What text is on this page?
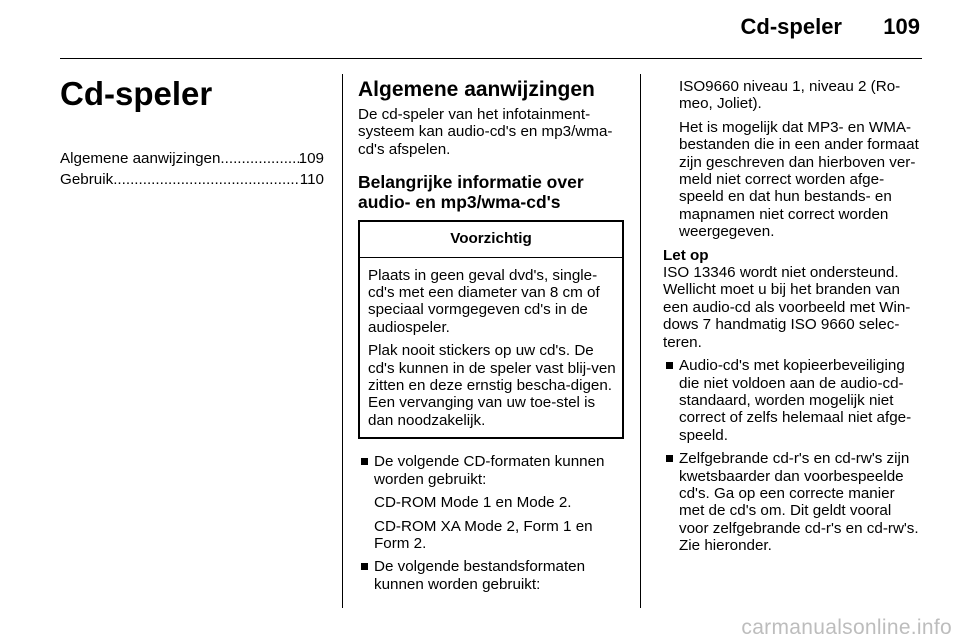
Cd-speler 109
Cd-speler
Algemene aanwijzingen .....	109
Gebruik .....	110
Algemene aanwijzingen

De cd-speler van het infotainment-systeem kan audio-cd's en mp3/wma-cd's afspelen.

Belangrijke informatie over audio- en mp3/wma-cd's
Voorzichtig

Plaats in geen geval dvd's, single-cd's met een diameter van 8 cm of speciaal vormgegeven cd's in de audiospeler.

Plak nooit stickers op uw cd's. De cd's kunnen in de speler vast blij-ven zitten en deze ernstig bescha-digen. Een vervanging van uw toe-stel is dan noodzakelijk.

De volgende CD-formaten kunnen worden gebruikt:

CD-ROM Mode 1 en Mode 2.

CD-ROM XA Mode 2, Form 1 en Form 2.

De volgende bestandsformaten kunnen worden gebruikt:

ISO9660 niveau 1, niveau 2 (Ro-meo, Joliet).

Het is mogelijk dat MP3- en WMA-bestanden die in een ander formaat zijn geschreven dan hierboven ver-meld niet correct worden afge-speeld en dat hun bestands- en mapnamen niet correct worden weergegeven.

Let op

ISO 13346 wordt niet ondersteund. Wellicht moet u bij het branden van een audio-cd als voorbeeld met Win-dows 7 handmatig ISO 9660 selec-teren.

Audio-cd's met kopieerbeveiliging die niet voldoen aan de audio-cd-standaard, worden mogelijk niet correct of zelfs helemaal niet afge-speeld.

Zelfgebrande cd-r's en cd-rw's zijn kwetsbaarder dan voorbespeelde cd's. Ga op een correcte manier met de cd's om. Dit geldt vooral voor zelfgebrande cd-r's en cd-rw's. Zie hieronder.

carmanualsonline.info
